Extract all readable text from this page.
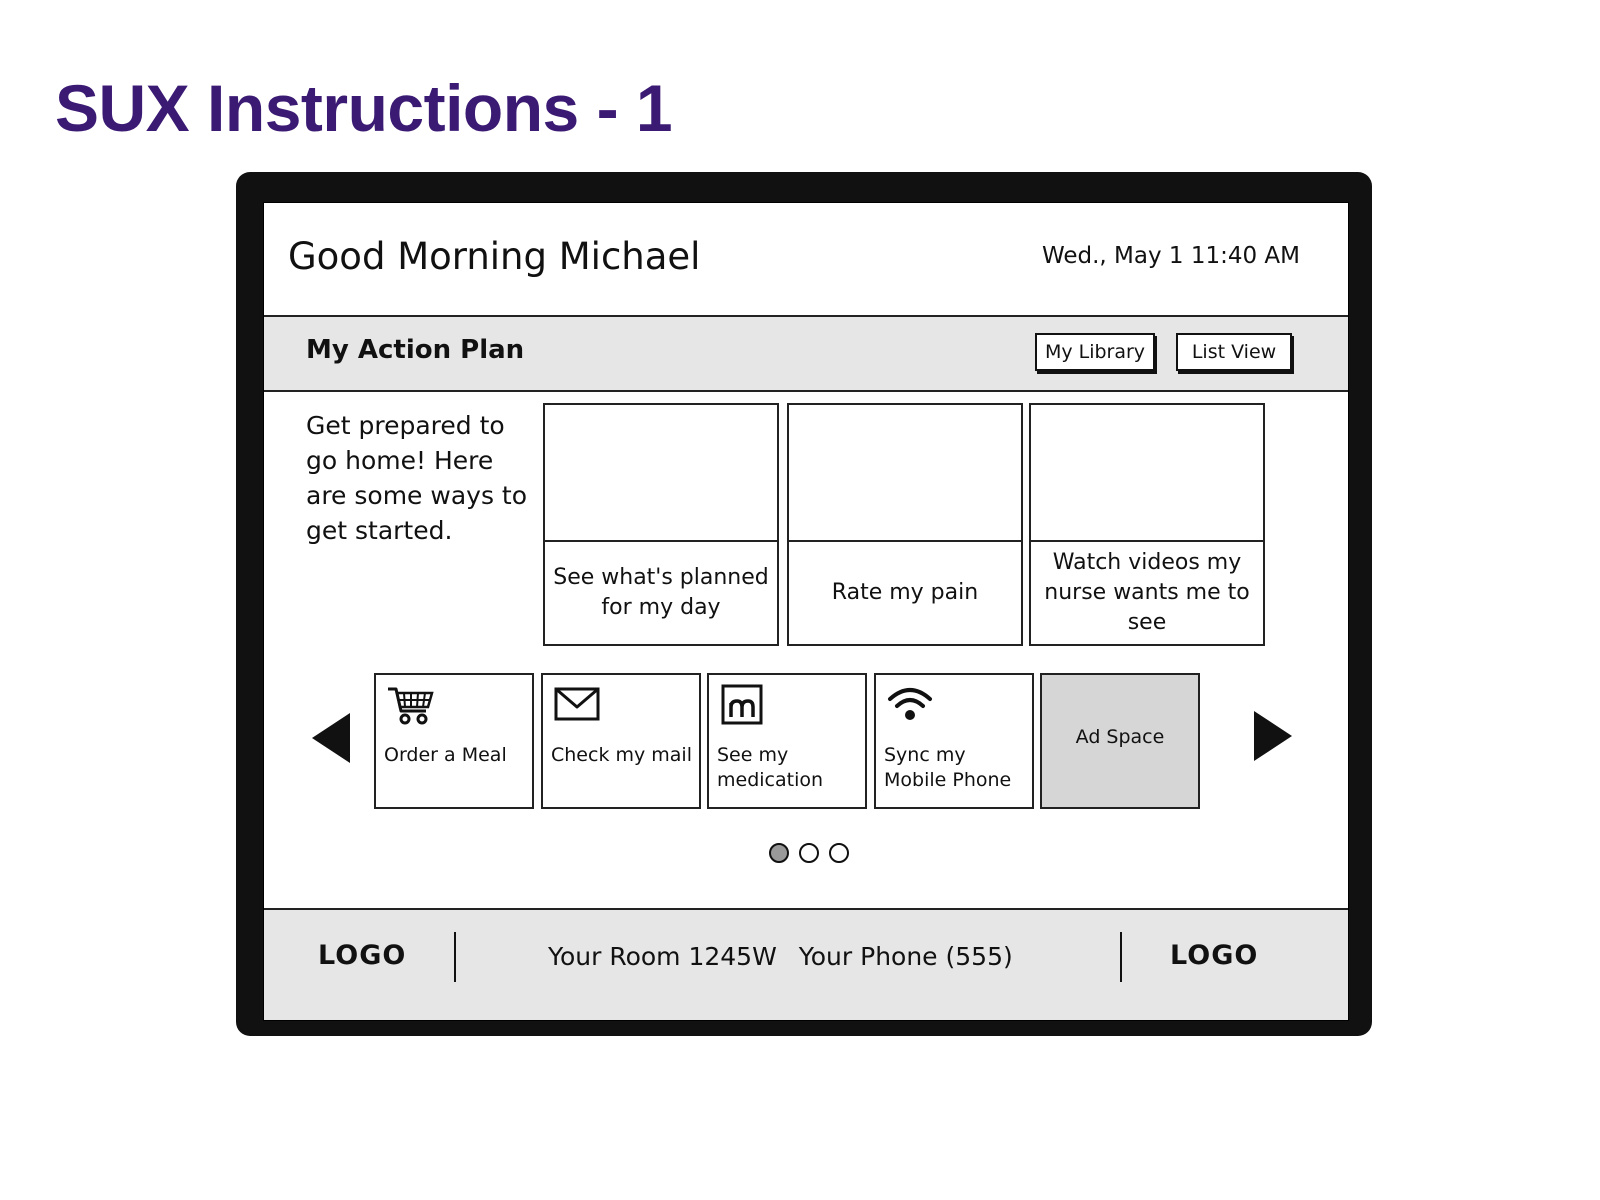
SUX Instructions - 1
Good Morning Michael	Wed., May 1 11:40 AM
My Action Plan	My Library	List View
Get prepared to go home! Here are some ways to get started.
See what's planned for my day
Rate my pain
Watch videos my nurse wants me to see
Order a Meal	Check my mail See my medication
Sync my Mobile Phone
Ad Space
LOGO	Your Room 1245W Your Phone (555)	LOGO
